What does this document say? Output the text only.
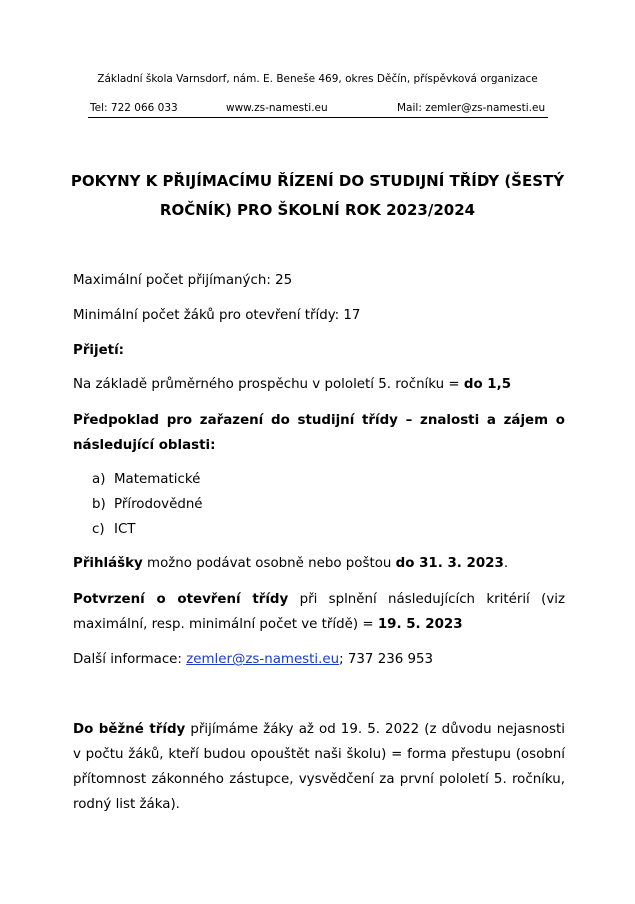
Základní škola Varnsdorf, nám. E. Beneše 469, okres Děčín, příspěvková organizace
Tel: 722 066 033	www.zs-namesti.eu	Mail: zemler@zs-namesti.eu
POKYNY K PŘIJÍMACÍMU ŘÍZENÍ DO STUDIJNÍ TŘÍDY (ŠESTÝ
ROČNÍK) PRO ŠKOLNÍ ROK 2023/2024
Maximální počet přijímaných: 25
Minimální počet žáků pro otevření třídy: 17
Přijetí:
Na základě průměrného prospěchu v pololetí 5. ročníku = do 1,5
Předpoklad pro zařazení do studijní třídy – znalosti a zájem o následující oblasti:
a) Matematické
b) Přírodovědné
c) ICT
Přihlášky možno podávat osobně nebo poštou do 31. 3. 2023.
Potvrzení o otevření třídy při splnění následujících kritérií (viz maximální, resp. minimální počet ve třídě) = 19. 5. 2023
Další informace: zemler@zs-namesti.eu; 737 236 953
Do běžné třídy přijímáme žáky až od 19. 5. 2022 (z důvodu nejasnosti v počtu žáků, kteří budou opouštět naši školu) = forma přestupu (osobní přítomnost zákonného zástupce, vysvědčení za první pololetí 5. ročníku, rodný list žáka).
